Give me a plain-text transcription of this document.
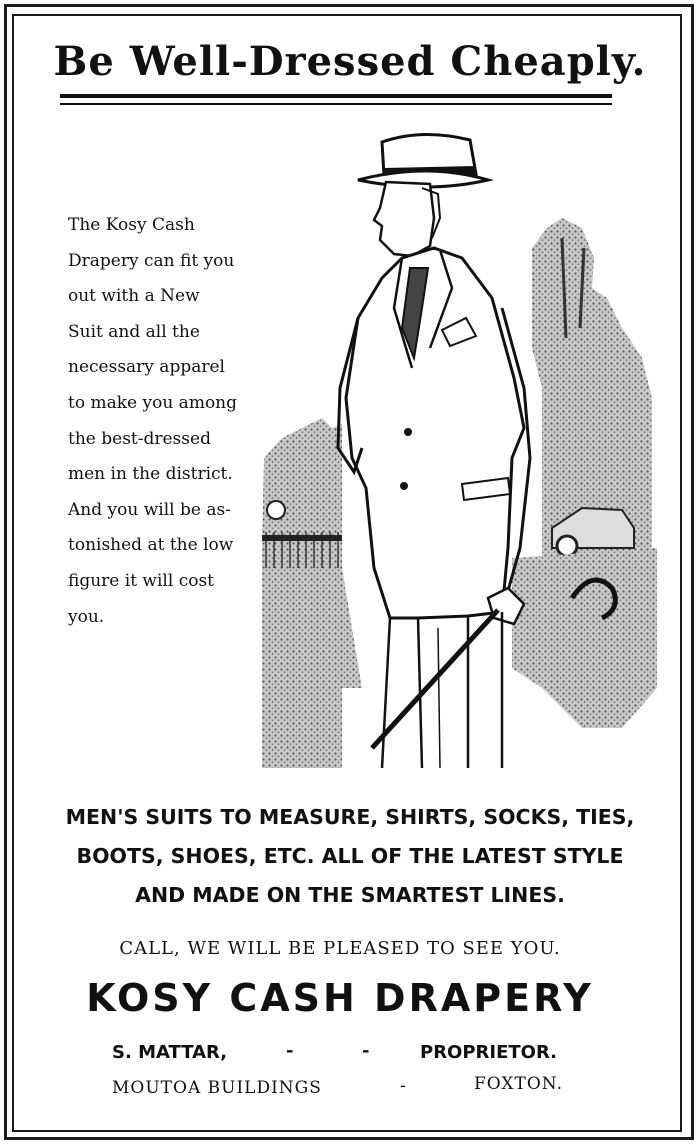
Be Well-Dressed Cheaply.
The Kosy Cash
Drapery can fit you
out with a New
Suit and all the
necessary apparel
to make you among
the best-dressed
men in the district.
And you will be as-
tonished at the low
figure it will cost
you.
MEN'S SUITS TO MEASURE, SHIRTS, SOCKS, TIES,
BOOTS, SHOES, ETC. ALL OF THE LATEST STYLE
AND MADE ON THE SMARTEST LINES.

CALL, WE WILL BE PLEASED TO SEE YOU.

KOSY CASH DRAPERY

S. MATTAR,	-	-	PROPRIETOR.

MOUTOA BUILDINGS	-	FOXTON.
